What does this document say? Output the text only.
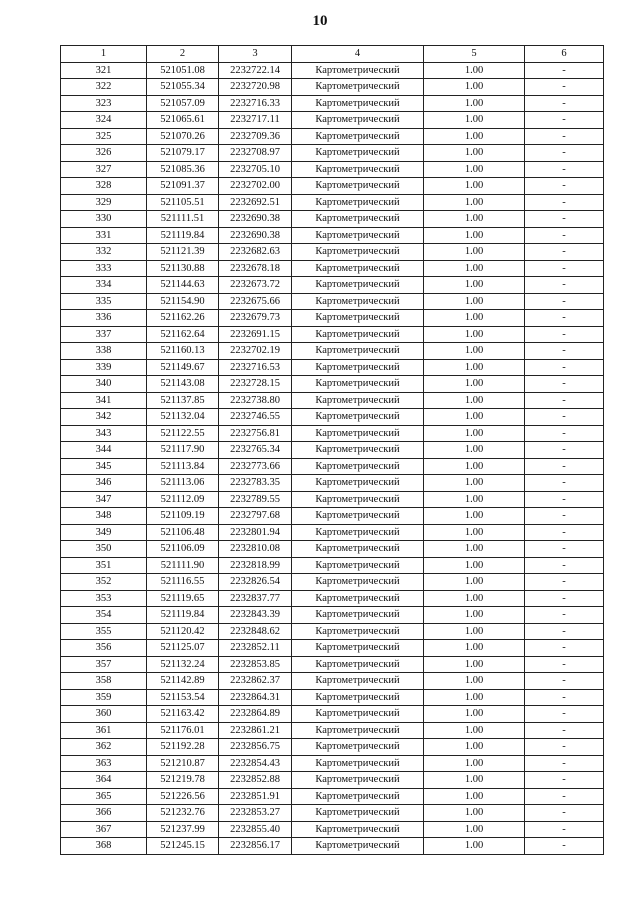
10
1	2	3	4	5	6
321	521051.08	2232722.14	Картометрический	1.00	-
322	521055.34	2232720.98	Картометрический	1.00	-
323	521057.09	2232716.33	Картометрический	1.00	-
324	521065.61	2232717.11	Картометрический	1.00	-
325	521070.26	2232709.36	Картометрический	1.00	-
326	521079.17	2232708.97	Картометрический	1.00	-
327	521085.36	2232705.10	Картометрический	1.00	-
328	521091.37	2232702.00	Картометрический	1.00	-
329	521105.51	2232692.51	Картометрический	1.00	-
330	521111.51	2232690.38	Картометрический	1.00	-
331	521119.84	2232690.38	Картометрический	1.00	-
332	521121.39	2232682.63	Картометрический	1.00	-
333	521130.88	2232678.18	Картометрический	1.00	-
334	521144.63	2232673.72	Картометрический	1.00	-
335	521154.90	2232675.66	Картометрический	1.00	-
336	521162.26	2232679.73	Картометрический	1.00	-
337	521162.64	2232691.15	Картометрический	1.00	-
338	521160.13	2232702.19	Картометрический	1.00	-
339	521149.67	2232716.53	Картометрический	1.00	-
340	521143.08	2232728.15	Картометрический	1.00	-
341	521137.85	2232738.80	Картометрический	1.00	-
342	521132.04	2232746.55	Картометрический	1.00	-
343	521122.55	2232756.81	Картометрический	1.00	-
344	521117.90	2232765.34	Картометрический	1.00	-
345	521113.84	2232773.66	Картометрический	1.00	-
346	521113.06	2232783.35	Картометрический	1.00	-
347	521112.09	2232789.55	Картометрический	1.00	-
348	521109.19	2232797.68	Картометрический	1.00	-
349	521106.48	2232801.94	Картометрический	1.00	-
350	521106.09	2232810.08	Картометрический	1.00	-
351	521111.90	2232818.99	Картометрический	1.00	-
352	521116.55	2232826.54	Картометрический	1.00	-
353	521119.65	2232837.77	Картометрический	1.00	-
354	521119.84	2232843.39	Картометрический	1.00	-
355	521120.42	2232848.62	Картометрический	1.00	-
356	521125.07	2232852.11	Картометрический	1.00	-
357	521132.24	2232853.85	Картометрический	1.00	-
358	521142.89	2232862.37	Картометрический	1.00	-
359	521153.54	2232864.31	Картометрический	1.00	-
360	521163.42	2232864.89	Картометрический	1.00	-
361	521176.01	2232861.21	Картометрический	1.00	-
362	521192.28	2232856.75	Картометрический	1.00	-
363	521210.87	2232854.43	Картометрический	1.00	-
364	521219.78	2232852.88	Картометрический	1.00	-
365	521226.56	2232851.91	Картометрический	1.00	-
366	521232.76	2232853.27	Картометрический	1.00	-
367	521237.99	2232855.40	Картометрический	1.00	-
368	521245.15	2232856.17	Картометрический	1.00	-
